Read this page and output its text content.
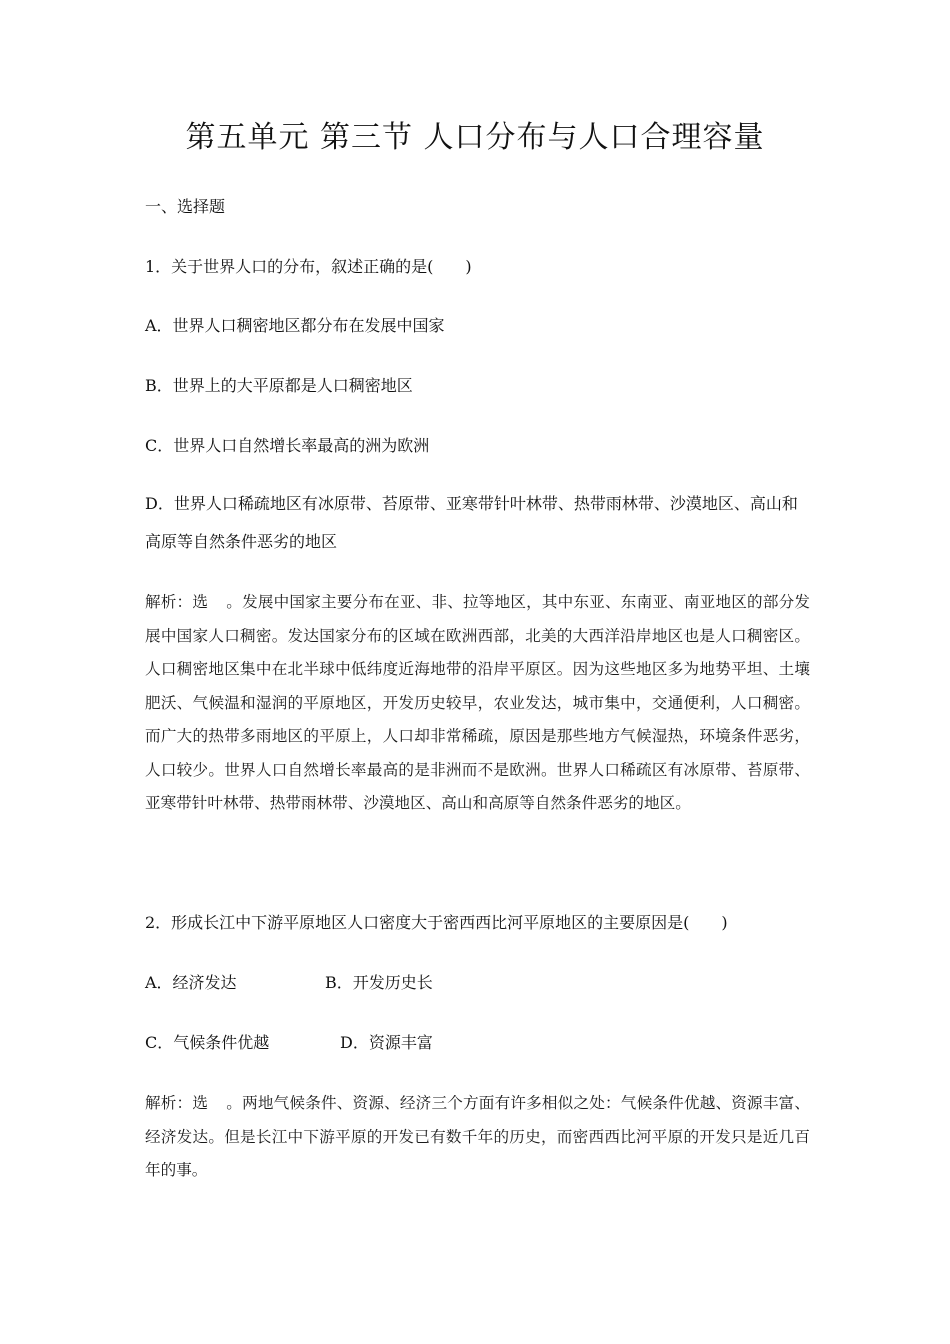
第五单元 第三节 人口分布与人口合理容量
一、选择题
1．关于世界人口的分布，叙述正确的是(　　)
A．世界人口稠密地区都分布在发展中国家
B．世界上的大平原都是人口稠密地区
C．世界人口自然增长率最高的洲为欧洲
D．世界人口稀疏地区有冰原带、苔原带、亚寒带针叶林带、热带雨林带、沙漠地区、高山和高原等自然条件恶劣的地区
解析：选 。发展中国家主要分布在亚、非、拉等地区，其中东亚、东南亚、南亚地区的部分发展中国家人口稠密。发达国家分布的区域在欧洲西部，北美的大西洋沿岸地区也是人口稠密区。人口稠密地区集中在北半球中低纬度近海地带的沿岸平原区。因为这些地区多为地势平坦、土壤肥沃、气候温和湿润的平原地区，开发历史较早，农业发达，城市集中，交通便利，人口稠密。而广大的热带多雨地区的平原上，人口却非常稀疏，原因是那些地方气候湿热，环境条件恶劣，人口较少。世界人口自然增长率最高的是非洲而不是欧洲。世界人口稀疏区有冰原带、苔原带、亚寒带针叶林带、热带雨林带、沙漠地区、高山和高原等自然条件恶劣的地区。
2．形成长江中下游平原地区人口密度大于密西西比河平原地区的主要原因是(　　)
A．经济发达	B．开发历史长
C．气候条件优越	D．资源丰富
解析：选 。两地气候条件、资源、经济三个方面有许多相似之处：气候条件优越、资源丰富、经济发达。但是长江中下游平原的开发已有数千年的历史，而密西西比河平原的开发只是近几百年的事。
